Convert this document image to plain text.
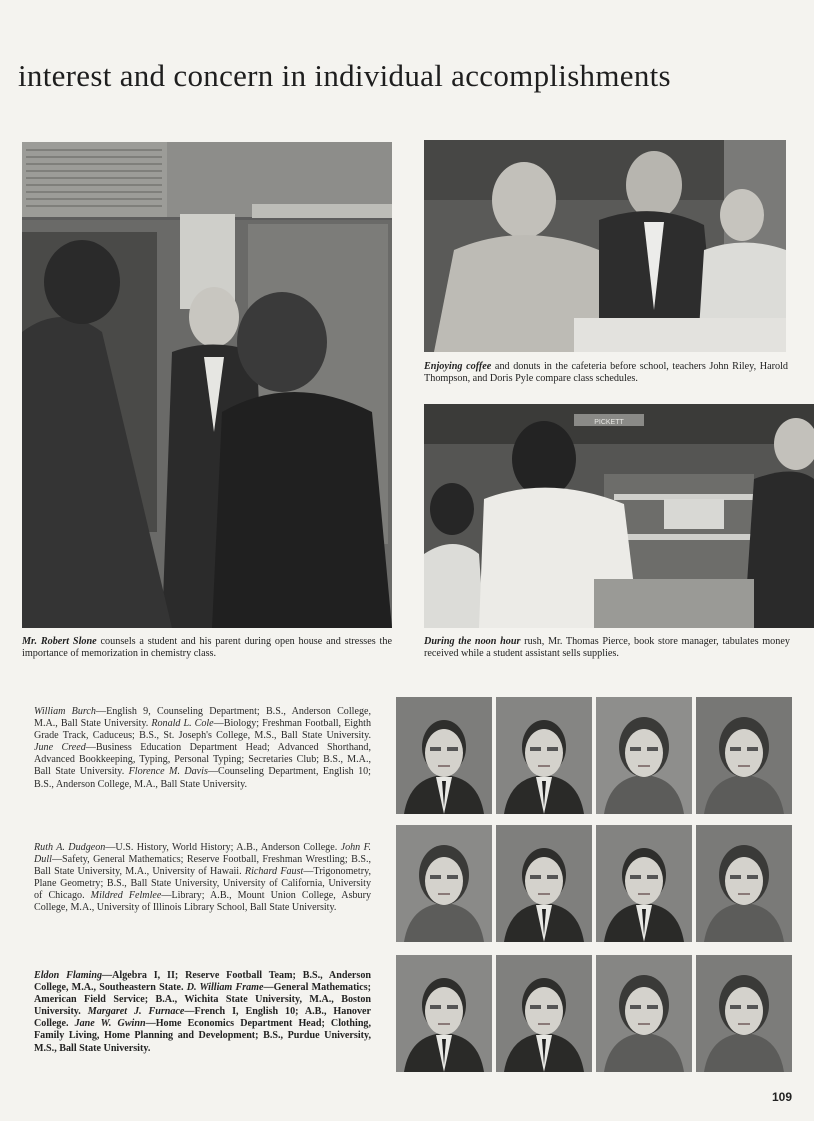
interest and concern in individual accomplishments
Enjoying coffee and donuts in the cafeteria before school, teachers John Riley, Harold Thompson, and Doris Pyle compare class schedules.
PICKETT
Mr. Robert Slone counsels a student and his parent during open house and stresses the importance of memorization in chemistry class.
During the noon hour rush, Mr. Thomas Pierce, book store manager, tabulates money received while a student assistant sells supplies.
William Burch—English 9, Counseling Department; B.S., Anderson College, M.A., Ball State University. Ronald L. Cole—Biology; Freshman Football, Eighth Grade Track, Caduceus; B.S., St. Joseph's College, M.S., Ball State University. June Creed—Business Education Department Head; Advanced Shorthand, Advanced Bookkeeping, Typing, Personal Typing; Secretaries Club; B.S., M.A., Ball State University. Florence M. Davis—Counseling Department, English 10; B.S., Anderson College, M.A., Ball State University.
Ruth A. Dudgeon—U.S. History, World History; A.B., Anderson College. John F. Dull—Safety, General Mathematics; Reserve Football, Freshman Wrestling; B.S., Ball State University, M.A., University of Hawaii. Richard Faust—Trigonometry, Plane Geometry; B.S., Ball State University, University of California, University of Chicago. Mildred Felmlee—Library; A.B., Mount Union College, Asbury College, M.A., University of Illinois Library School, Ball State University.
Eldon Flaming—Algebra I, II; Reserve Football Team; B.S., Anderson College, M.A., Southeastern State. D. William Frame—General Mathematics; American Field Service; B.A., Wichita State University, M.A., Boston University. Margaret J. Furnace—French I, English 10; A.B., Hanover College. Jane W. Gwinn—Home Economics Department Head; Clothing, Family Living, Home Planning and Development; B.S., Purdue University, M.S., Ball State University.
109
